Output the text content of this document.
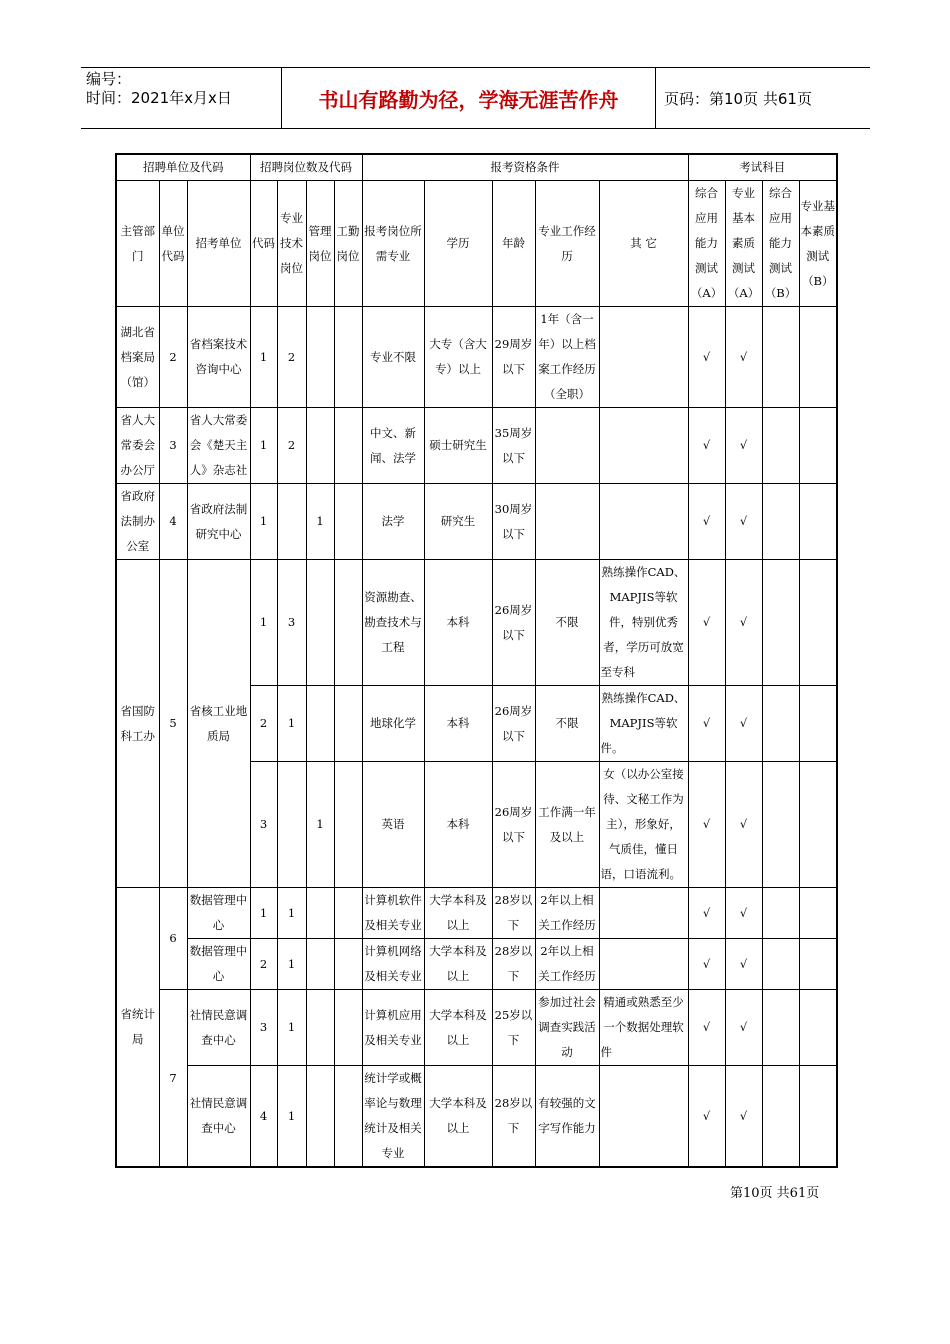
编号：
时间：2021年x月x日	书山有路勤为径，学海无涯苦作舟	页码：第10页 共61页
招聘单位及代码			招聘岗位数及代码				报考资格条件					考试科目			
主管部门	单位代码	招考单位	代码	专业技术岗位	管理岗位	工勤岗位	报考岗位所需专业	学历	年龄	专业工作经历	其 它	综合应用能力测试（A）	专业基本素质测试（A）	综合应用能力测试（B）	专业基本素质测试（B）
湖北省档案局（馆）	2	省档案技术咨询中心	1	2			专业不限	大专（含大专）以上	29周岁以下	1年（含一年）以上档案工作经历（全职）		√	√		
省人大常委会办公厅	3	省人大常委会《楚天主人》杂志社	1	2			中文、新闻、法学	硕士研究生	35周岁以下			√	√		
省政府法制办公室	4	省政府法制研究中心	1		1		法学	研究生	30周岁以下			√	√		
省国防科工办	5	省核工业地质局	1	3			资源勘查、勘查技术与工程	本科	26周岁以下	不限	熟练操作CAD、MAPJIS等软件，特别优秀者，学历可放宽至专科	√	√		
			2	1			地球化学	本科	26周岁以下	不限	熟练操作CAD、MAPJIS等软件。	√	√		
			3		1		英语	本科	26周岁以下	工作满一年及以上	女（以办公室接待、文秘工作为主），形象好，气质佳，懂日语，口语流利。	√	√		
省统计局	6	数据管理中心	1	1			计算机软件及相关专业	大学本科及以上	28岁以下	2年以上相关工作经历		√	√		
		数据管理中心	2	1			计算机网络及相关专业	大学本科及以上	28岁以下	2年以上相关工作经历		√	√		
	7	社情民意调查中心	3	1			计算机应用及相关专业	大学本科及以上	25岁以下	参加过社会调查实践活动	精通或熟悉至少一个数据处理软件	√	√		
		社情民意调查中心	4	1			统计学或概率论与数理统计及相关专业	大学本科及以上	28岁以下	有较强的文字写作能力		√	√		
第10页 共61页
